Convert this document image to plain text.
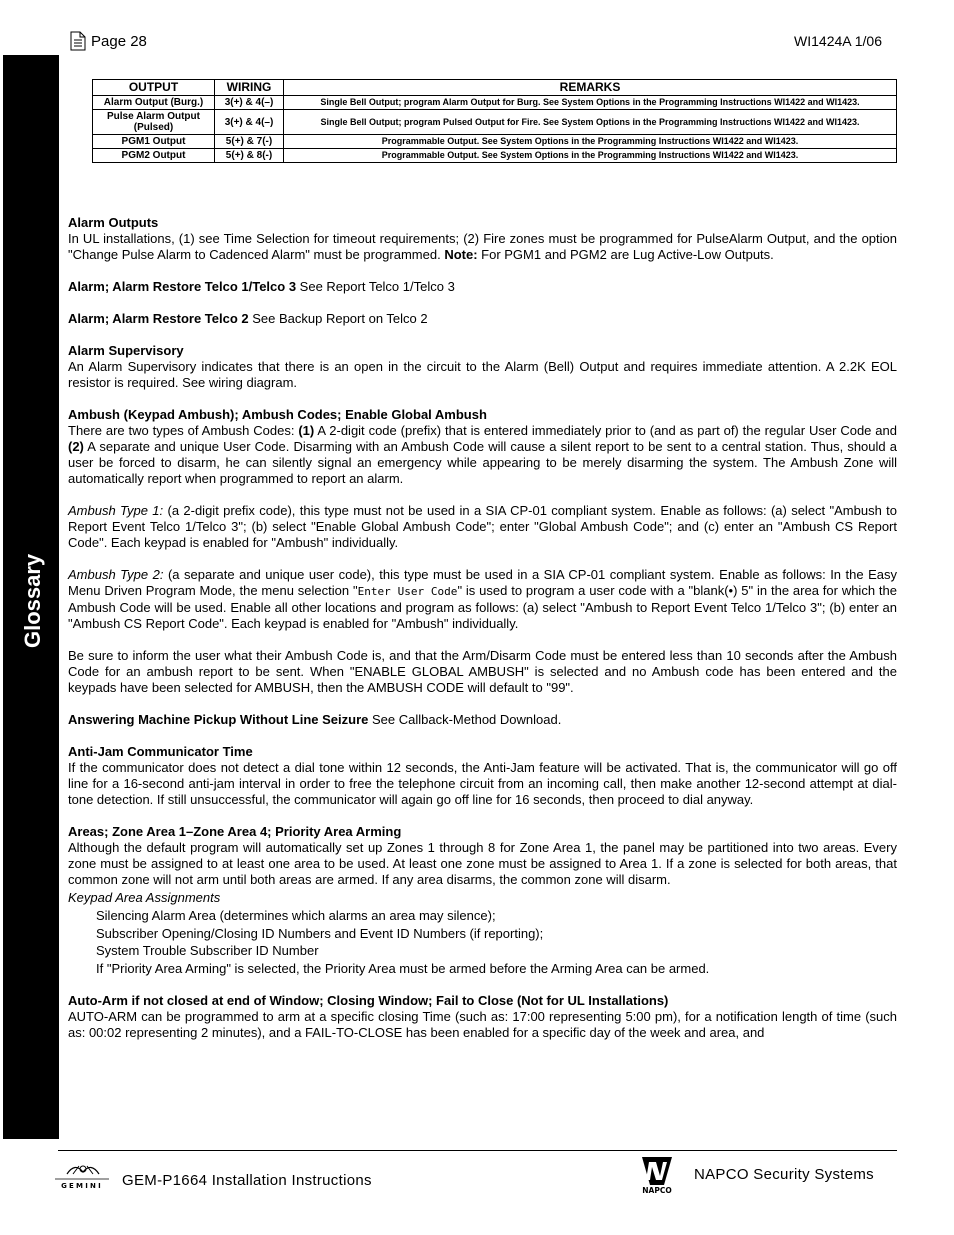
Page 28	WI1424A 1/06
Glossary
OUTPUT	WIRING	REMARKS
Alarm Output (Burg.)	3(+) & 4(–)	Single Bell Output; program Alarm Output for Burg. See System Options in the Programming Instructions WI1422 and WI1423.
Pulse Alarm Output (Pulsed)	3(+) & 4(–)	Single Bell Output; program Pulsed Output for Fire. See System Options in the Programming Instructions WI1422 and WI1423.
PGM1 Output	5(+) & 7(-)	Programmable Output. See System Options in the Programming Instructions WI1422 and WI1423.
PGM2 Output	5(+) & 8(-)	Programmable Output. See System Options in the Programming Instructions WI1422 and WI1423.

Alarm Outputs

In UL installations, (1) see Time Selection for timeout requirements; (2) Fire zones must be programmed for PulseAlarm Output, and the option "Change Pulse Alarm to Cadenced Alarm" must be programmed. Note: For PGM1 and PGM2 are Lug Active-Low Outputs.

Alarm; Alarm Restore Telco 1/Telco 3 See Report Telco 1/Telco 3

Alarm; Alarm Restore Telco 2 See Backup Report on Telco 2

Alarm Supervisory

An Alarm Supervisory indicates that there is an open in the circuit to the Alarm (Bell) Output and requires immediate attention. A 2.2K EOL resistor is required. See wiring diagram.

Ambush (Keypad Ambush); Ambush Codes; Enable Global Ambush

There are two types of Ambush Codes: (1) A 2-digit code (prefix) that is entered immediately prior to (and as part of) the regular User Code and (2) A separate and unique User Code. Disarming with an Ambush Code will cause a silent report to be sent to a central station. Thus, should a user be forced to disarm, he can silently signal an emergency while appearing to be merely disarming the system. The Ambush Zone will automatically report when programmed to report an alarm.

Ambush Type 1: (a 2-digit prefix code), this type must not be used in a SIA CP-01 compliant system. Enable as follows: (a) select "Ambush to Report Event Telco 1/Telco 3"; (b) select "Enable Global Ambush Code"; enter "Global Ambush Code"; and (c) enter an "Ambush CS Report Code". Each keypad is enabled for "Ambush" individually.

Ambush Type 2: (a separate and unique user code), this type must be used in a SIA CP-01 compliant system. Enable as follows: In the Easy Menu Driven Program Mode, the menu selection "Enter User Code" is used to program a user code with a "blank(•) 5" in the area for which the Ambush Code will be used. Enable all other locations and program as follows: (a) select "Ambush to Report Event Telco 1/Telco 3"; (b) enter an "Ambush CS Report Code". Each keypad is enabled for "Ambush" individually.

Be sure to inform the user what their Ambush Code is, and that the Arm/Disarm Code must be entered less than 10 seconds after the Ambush Code for an ambush report to be sent. When "ENABLE GLOBAL AMBUSH" is selected and no Ambush code has been entered and the keypads have been selected for AMBUSH, then the AMBUSH CODE will default to "99".

Answering Machine Pickup Without Line Seizure See Callback-Method Download.

Anti-Jam Communicator Time

If the communicator does not detect a dial tone within 12 seconds, the Anti-Jam feature will be activated. That is, the communicator will go off line for a 16-second anti-jam interval in order to free the telephone circuit from an incoming call, then make another 12-second attempt at dial-tone detection. If still unsuccessful, the communicator will again go off line for 16 seconds, then proceed to dial anyway.

Areas; Zone Area 1–Zone Area 4; Priority Area Arming

Although the default program will automatically set up Zones 1 through 8 for Zone Area 1, the panel may be partitioned into two areas. Every zone must be assigned to at least one area to be used. At least one zone must be assigned to Area 1. If a zone is selected for both areas, that common zone will not arm until both areas are armed. If any area disarms, the common zone will disarm.

Keypad Area Assignments

Silencing Alarm Area (determines which alarms an area may silence);

Subscriber Opening/Closing ID Numbers and Event ID Numbers (if reporting);

System Trouble Subscriber ID Number

If "Priority Area Arming" is selected, the Priority Area must be armed before the Arming Area can be armed.

Auto-Arm if not closed at end of Window; Closing Window; Fail to Close (Not for UL Installations)

AUTO-ARM can be programmed to arm at a specific closing Time (such as: 17:00 representing 5:00 pm), for a notification length of time (such as: 00:02 representing 2 minutes), and a FAIL-TO-CLOSE has been enabled for a specific day of the week and area, and

GEMINI GEM-P1664 Installation Instructions
NAPCO
NAPCO Security Systems
